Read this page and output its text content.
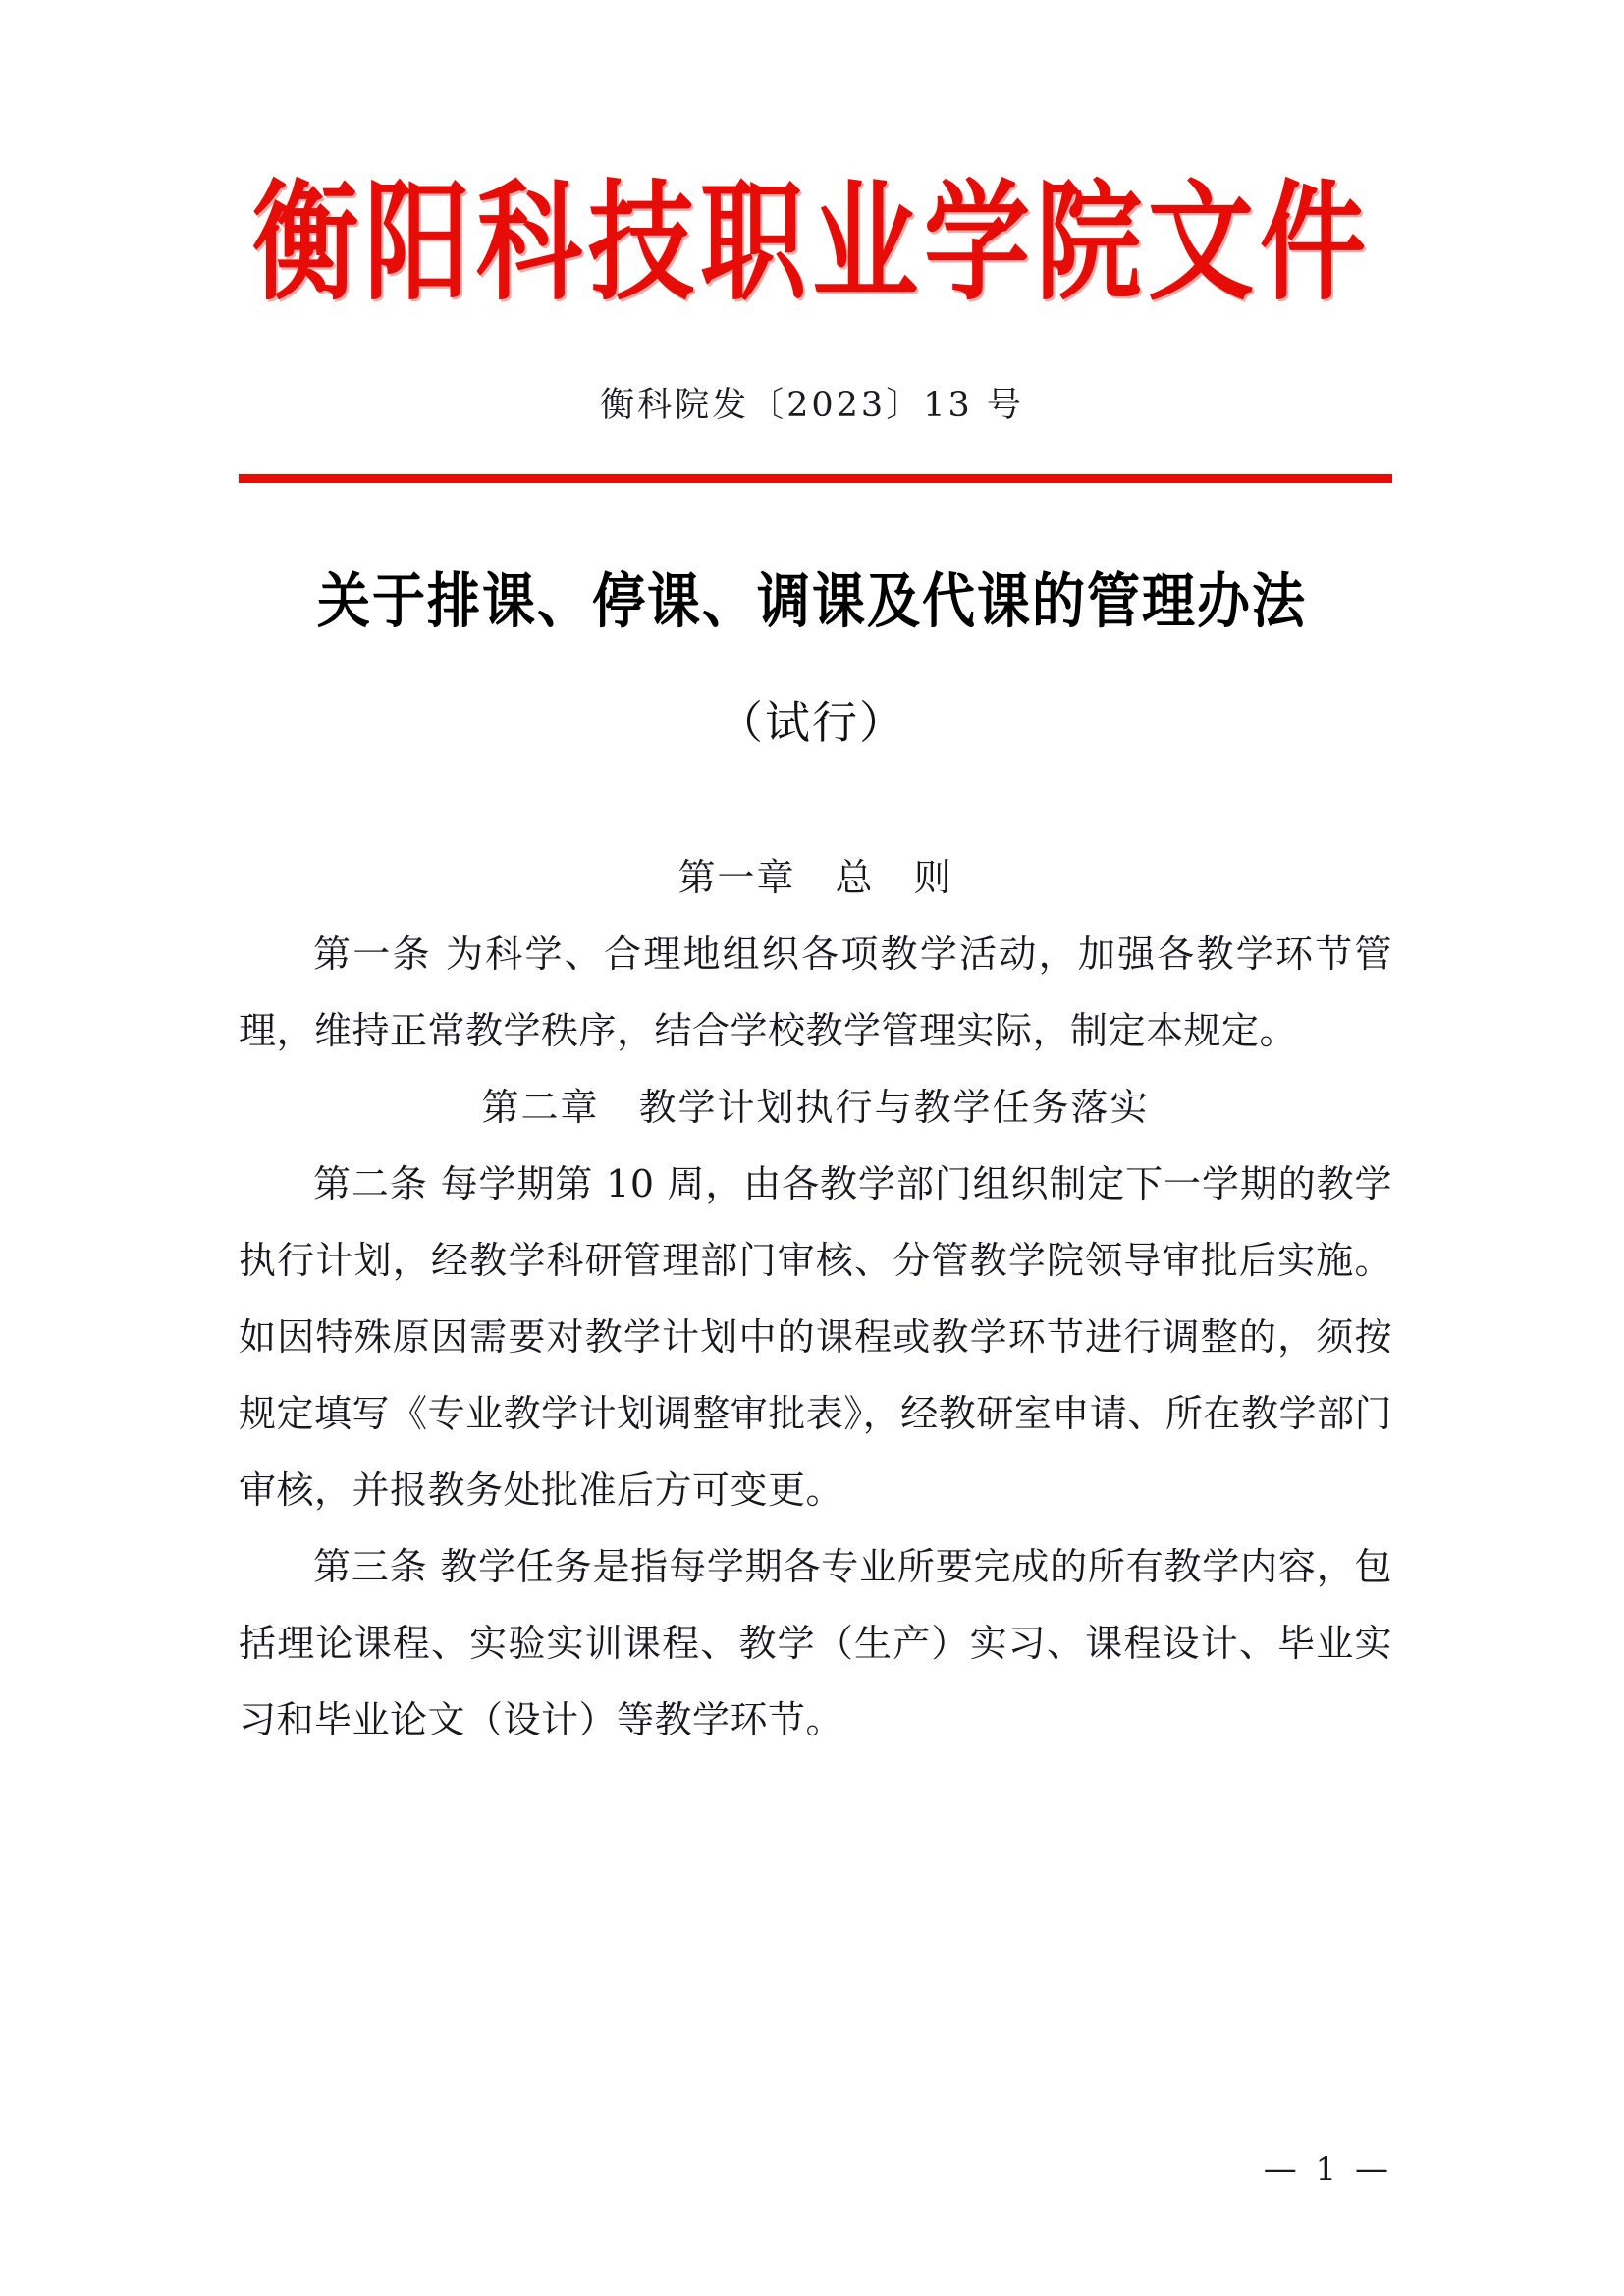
衡阳科技职业学院文件
衡科院发〔2023〕13 号
关于排课、停课、调课及代课的管理办法
（试行）
第一章　总　则

第一条 为科学、合理地组织各项教学活动，加强各教学环节管理，维持正常教学秩序，结合学校教学管理实际，制定本规定。

第二章　教学计划执行与教学任务落实

第二条 每学期第 10 周，由各教学部门组织制定下一学期的教学执行计划，经教学科研管理部门审核、分管教学院领导审批后实施。如因特殊原因需要对教学计划中的课程或教学环节进行调整的，须按规定填写《专业教学计划调整审批表》，经教研室申请、所在教学部门审核，并报教务处批准后方可变更。

第三条 教学任务是指每学期各专业所要完成的所有教学内容，包括理论课程、实验实训课程、教学（生产）实习、课程设计、毕业实习和毕业论文（设计）等教学环节。

— 1 —
